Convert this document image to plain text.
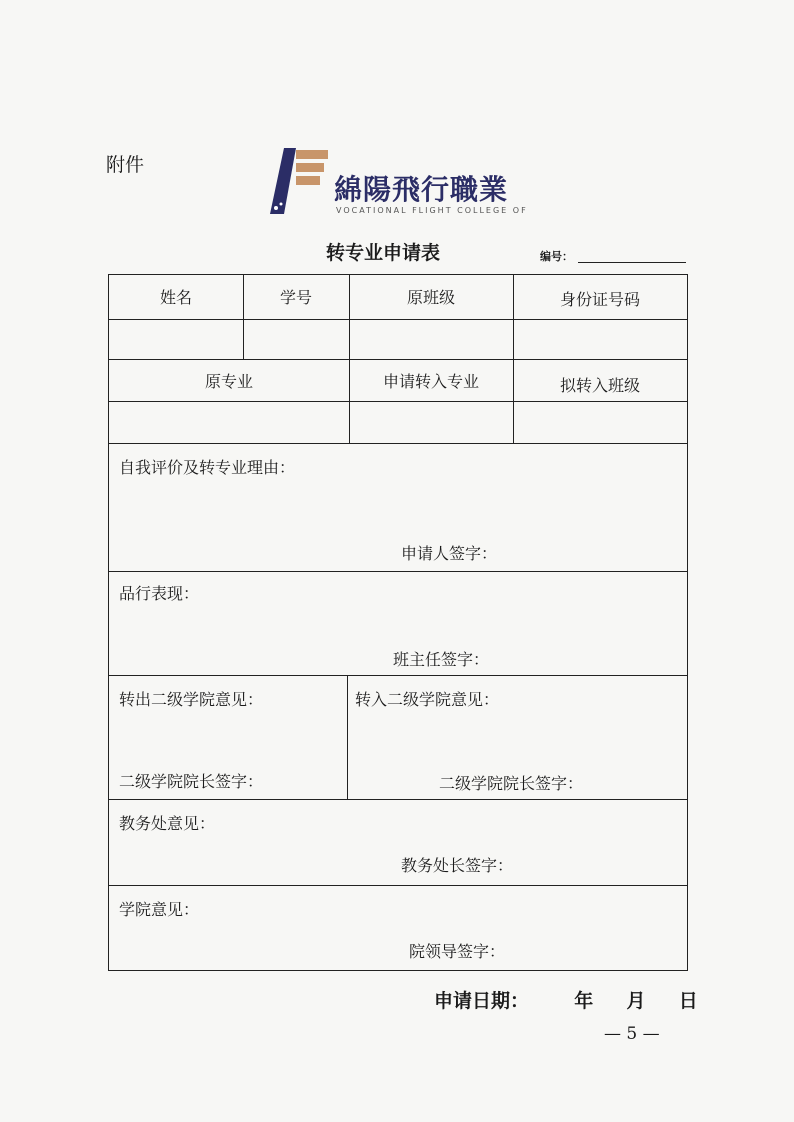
附件
綿陽飛行職業
VOCATIONAL FLIGHT COLLEGE OF
转专业申请表	编号：
姓名	学号	原班级	身份证号码
原专业	申请转入专业	拟转入班级
自我评价及转专业理由：
申请人签字：
品行表现：
班主任签字：
转出二级学院意见：
二级学院院长签字：
转入二级学院意见：
二级学院院长签字：
教务处意见：
教务处长签字：
学院意见：
院领导签字：
申请日期： 年 月 日
— 5 —
